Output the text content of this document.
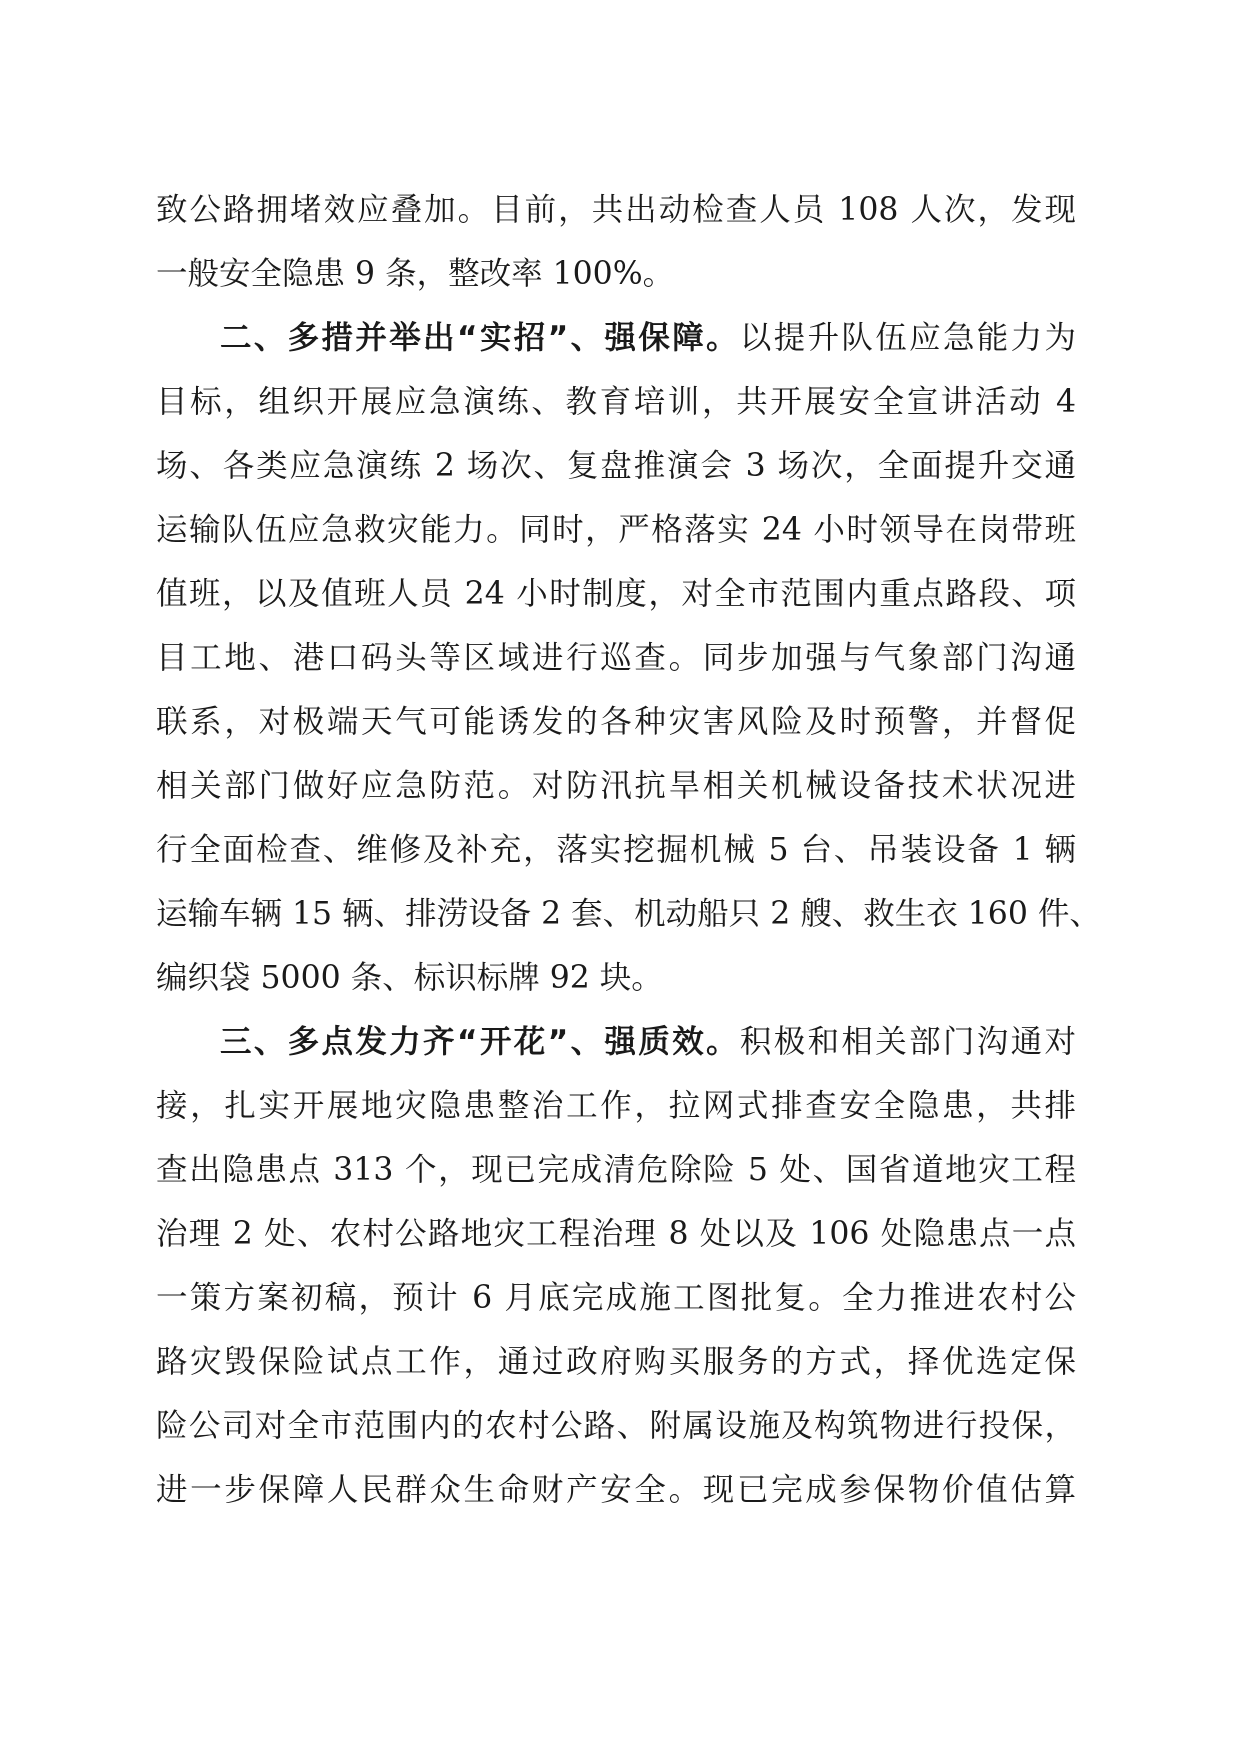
致公路拥堵效应叠加。目前，共出动检查人员 108 人次，发现
一般安全隐患 9 条，整改率 100%。
二、多措并举出“实招”、强保障。以提升队伍应急能力为
目标，组织开展应急演练、教育培训，共开展安全宣讲活动 4
场、各类应急演练 2 场次、复盘推演会 3 场次，全面提升交通
运输队伍应急救灾能力。同时，严格落实 24 小时领导在岗带班
值班，以及值班人员 24 小时制度，对全市范围内重点路段、项
目工地、港口码头等区域进行巡查。同步加强与气象部门沟通
联系，对极端天气可能诱发的各种灾害风险及时预警，并督促
相关部门做好应急防范。对防汛抗旱相关机械设备技术状况进
行全面检查、维修及补充，落实挖掘机械 5 台、吊装设备 1 辆
运输车辆 15 辆、排涝设备 2 套、机动船只 2 艘、救生衣 160 件、
编织袋 5000 条、标识标牌 92 块。
三、多点发力齐“开花”、强质效。积极和相关部门沟通对
接，扎实开展地灾隐患整治工作，拉网式排查安全隐患，共排
查出隐患点 313 个，现已完成清危除险 5 处、国省道地灾工程
治理 2 处、农村公路地灾工程治理 8 处以及 106 处隐患点一点
一策方案初稿，预计 6 月底完成施工图批复。全力推进农村公
路灾毁保险试点工作，通过政府购买服务的方式，择优选定保
险公司对全市范围内的农村公路、附属设施及构筑物进行投保，
进一步保障人民群众生命财产安全。现已完成参保物价值估算
